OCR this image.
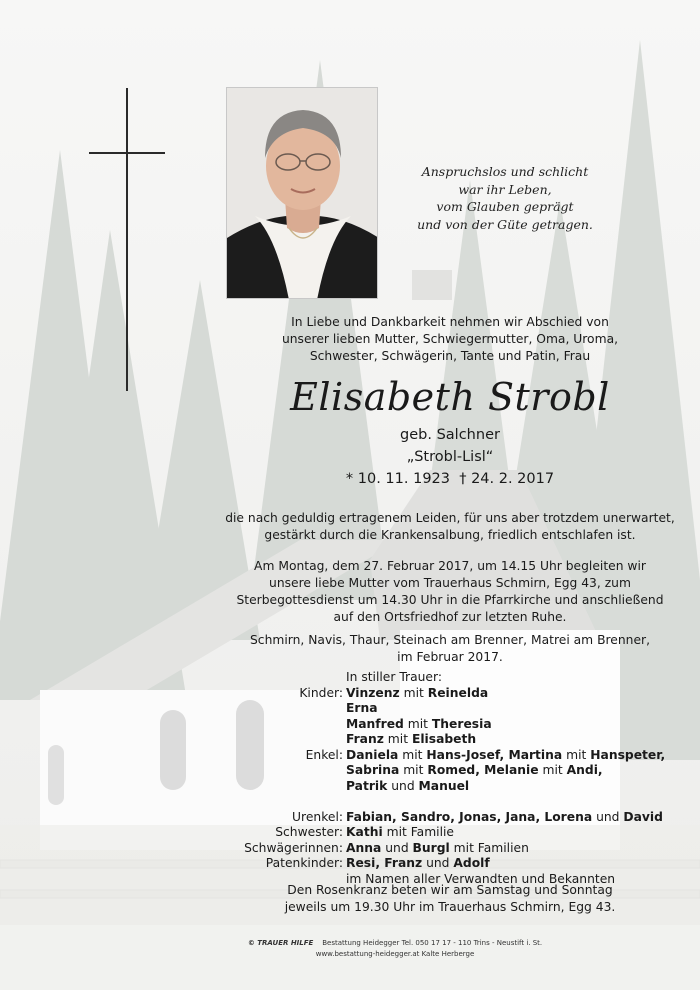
Anspruchslos und schlicht
war ihr Leben,
vom Glauben geprägt
und von der Güte getragen.
In Liebe und Dankbarkeit nehmen wir Abschied von
unserer lieben Mutter, Schwiegermutter, Oma, Uroma,
Schwester, Schwägerin, Tante und Patin, Frau
Elisabeth Strobl
geb. Salchner
„Strobl-Lisl“
* 10. 11. 1923  † 24. 2. 2017
die nach geduldig ertragenem Leiden, für uns aber trotzdem unerwartet,
gestärkt durch die Krankensalbung, friedlich entschlafen ist.
Am Montag, dem 27. Februar 2017, um 14.15 Uhr begleiten wir
unsere liebe Mutter vom Trauerhaus Schmirn, Egg 43, zum
Sterbegottesdienst um 14.30 Uhr in die Pfarrkirche und anschließend
auf den Ortsfriedhof zur letzten Ruhe.
Schmirn, Navis, Thaur, Steinach am Brenner, Matrei am Brenner,
im Februar 2017.
In stiller Trauer:
Kinder: Vinzenz mit Reinelda
Erna
Manfred mit Theresia
Franz mit Elisabeth
Enkel: Daniela mit Hans-Josef, Martina mit Hanspeter,
Sabrina mit Romed, Melanie mit Andi,
Patrik und Manuel
Urenkel: Fabian, Sandro, Jonas, Jana, Lorena und David
Schwester: Kathi mit Familie
Schwägerinnen: Anna und Burgl mit Familien
Patenkinder: Resi, Franz und Adolf
im Namen aller Verwandten und Bekannten
Den Rosenkranz beten wir am Samstag und Sonntag
jeweils um 19.30 Uhr im Trauerhaus Schmirn, Egg 43.
© TRAUER HILFE Bestattung Heidegger Tel. 050 17 17 - 110 Trins - Neustift i. St.
www.bestattung-heidegger.at Kalte Herberge
